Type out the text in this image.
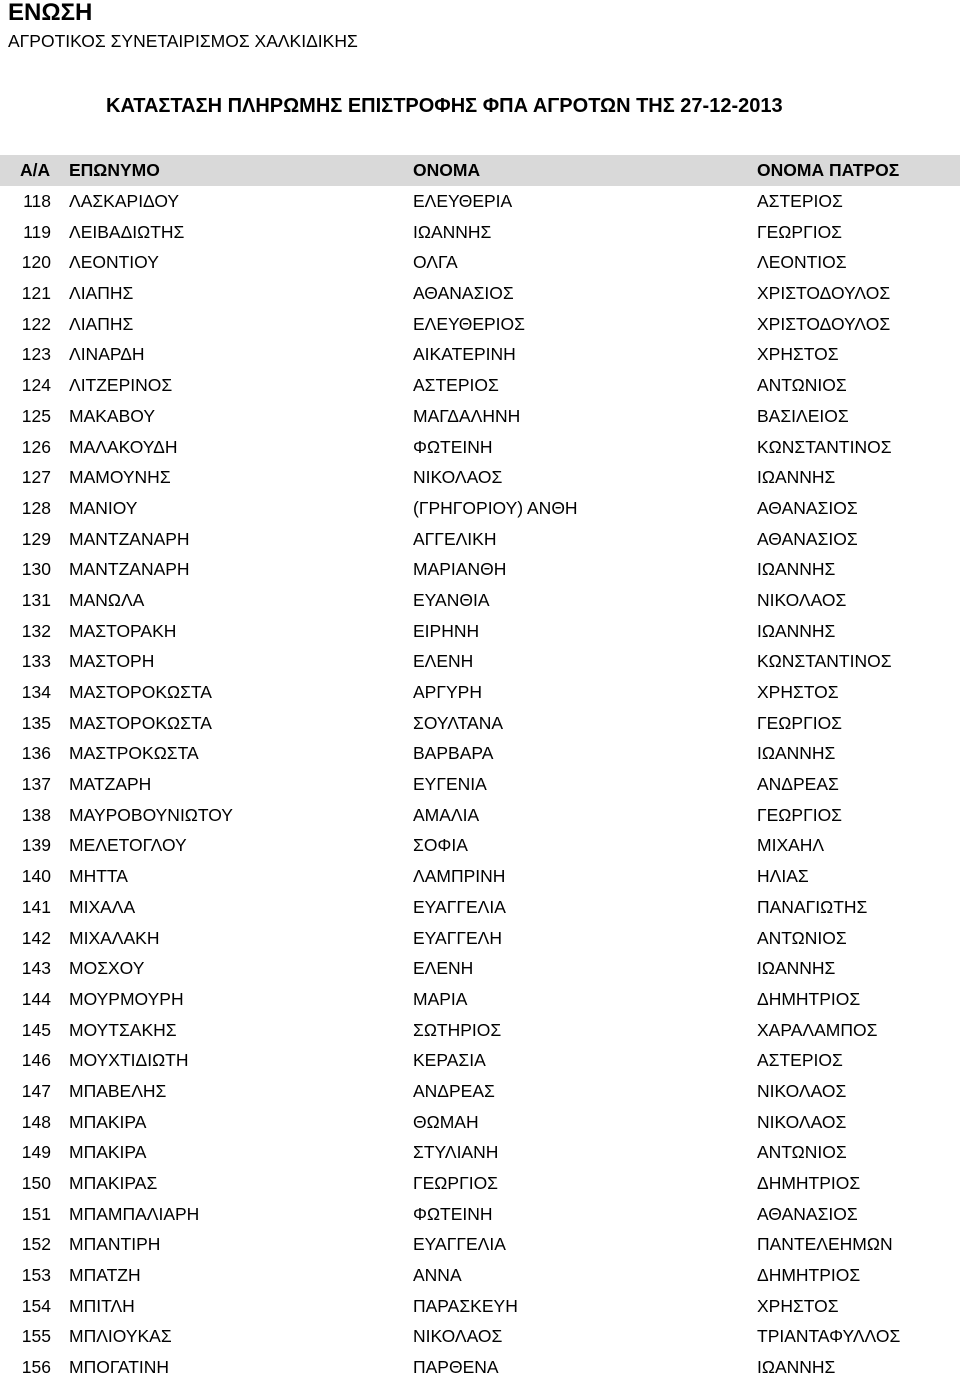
ΕΝΩΣΗ
ΑΓΡΟΤΙΚΟΣ ΣΥΝΕΤΑΙΡΙΣΜΟΣ ΧΑΛΚΙΔΙΚΗΣ
ΚΑΤΑΣΤΑΣΗ ΠΛΗΡΩΜΗΣ ΕΠΙΣΤΡΟΦΗΣ ΦΠΑ ΑΓΡΟΤΩΝ ΤΗΣ 27-12-2013
Α/Α ΕΠΩΝΥΜΟ	ΟΝΟΜΑ	ΟΝΟΜΑ ΠΑΤΡΟΣ
118 ΛΑΣΚΑΡΙΔΟΥ	ΕΛΕΥΘΕΡΙΑ	ΑΣΤΕΡΙΟΣ
119 ΛΕΙΒΑΔΙΩΤΗΣ	ΙΩΑΝΝΗΣ	ΓΕΩΡΓΙΟΣ
120 ΛΕΟΝΤΙΟΥ	ΟΛΓΑ	ΛΕΟΝΤΙΟΣ
121 ΛΙΑΠΗΣ	ΑΘΑΝΑΣΙΟΣ	ΧΡΙΣΤΟΔΟΥΛΟΣ
122 ΛΙΑΠΗΣ	ΕΛΕΥΘΕΡΙΟΣ	ΧΡΙΣΤΟΔΟΥΛΟΣ
123 ΛΙΝΑΡΔΗ	ΑΙΚΑΤΕΡΙΝΗ	ΧΡΗΣΤΟΣ
124 ΛΙΤΖΕΡΙΝΟΣ	ΑΣΤΕΡΙΟΣ	ΑΝΤΩΝΙΟΣ
125 ΜΑΚΑΒΟΥ	ΜΑΓΔΑΛΗΝΗ	ΒΑΣΙΛΕΙΟΣ
126 ΜΑΛΑΚΟΥΔΗ	ΦΩΤΕΙΝΗ	ΚΩΝΣΤΑΝΤΙΝΟΣ
127 ΜΑΜΟΥΝΗΣ	ΝΙΚΟΛΑΟΣ	ΙΩΑΝΝΗΣ
128 ΜΑΝΙΟΥ	(ΓΡΗΓΟΡΙΟΥ) ΑΝΘΗ	ΑΘΑΝΑΣΙΟΣ
129 ΜΑΝΤΖΑΝΑΡΗ	ΑΓΓΕΛΙΚΗ	ΑΘΑΝΑΣΙΟΣ
130 ΜΑΝΤΖΑΝΑΡΗ	ΜΑΡΙΑΝΘΗ	ΙΩΑΝΝΗΣ
131 ΜΑΝΩΛΑ	ΕΥΑΝΘΙΑ	ΝΙΚΟΛΑΟΣ
132 ΜΑΣΤΟΡΑΚΗ	ΕΙΡΗΝΗ	ΙΩΑΝΝΗΣ
133 ΜΑΣΤΟΡΗ	ΕΛΕΝΗ	ΚΩΝΣΤΑΝΤΙΝΟΣ
134 ΜΑΣΤΟΡΟΚΩΣΤΑ	ΑΡΓΥΡΗ	ΧΡΗΣΤΟΣ
135 ΜΑΣΤΟΡΟΚΩΣΤΑ	ΣΟΥΛΤΑΝΑ	ΓΕΩΡΓΙΟΣ
136 ΜΑΣΤΡΟΚΩΣΤΑ	ΒΑΡΒΑΡΑ	ΙΩΑΝΝΗΣ
137 ΜΑΤΖΑΡΗ	ΕΥΓΕΝΙΑ	ΑΝΔΡΕΑΣ
138 ΜΑΥΡΟΒΟΥΝΙΩΤΟΥ	ΑΜΑΛΙΑ	ΓΕΩΡΓΙΟΣ
139 ΜΕΛΕΤΟΓΛΟΥ	ΣΟΦΙΑ	ΜΙΧΑΗΛ
140 ΜΗΤΤΑ	ΛΑΜΠΡΙΝΗ	ΗΛΙΑΣ
141 ΜΙΧΑΛΑ	ΕΥΑΓΓΕΛΙΑ	ΠΑΝΑΓΙΩΤΗΣ
142 ΜΙΧΑΛΑΚΗ	ΕΥΑΓΓΕΛΗ	ΑΝΤΩΝΙΟΣ
143 ΜΟΣΧΟΥ	ΕΛΕΝΗ	ΙΩΑΝΝΗΣ
144 ΜΟΥΡΜΟΥΡΗ	ΜΑΡΙΑ	ΔΗΜΗΤΡΙΟΣ
145 ΜΟΥΤΣΑΚΗΣ	ΣΩΤΗΡΙΟΣ	ΧΑΡΑΛΑΜΠΟΣ
146 ΜΟΥΧΤΙΔΙΩΤΗ	ΚΕΡΑΣΙΑ	ΑΣΤΕΡΙΟΣ
147 ΜΠΑΒΕΛΗΣ	ΑΝΔΡΕΑΣ	ΝΙΚΟΛΑΟΣ
148 ΜΠΑΚΙΡΑ	ΘΩΜΑΗ	ΝΙΚΟΛΑΟΣ
149 ΜΠΑΚΙΡΑ	ΣΤΥΛΙΑΝΗ	ΑΝΤΩΝΙΟΣ
150 ΜΠΑΚΙΡΑΣ	ΓΕΩΡΓΙΟΣ	ΔΗΜΗΤΡΙΟΣ
151 ΜΠΑΜΠΑΛΙΑΡΗ	ΦΩΤΕΙΝΗ	ΑΘΑΝΑΣΙΟΣ
152 ΜΠΑΝΤΙΡΗ	ΕΥΑΓΓΕΛΙΑ	ΠΑΝΤΕΛΕΗΜΩΝ
153 ΜΠΑΤΖΗ	ΑΝΝΑ	ΔΗΜΗΤΡΙΟΣ
154 ΜΠΙΤΛΗ	ΠΑΡΑΣΚΕΥΗ	ΧΡΗΣΤΟΣ
155 ΜΠΛΙΟΥΚΑΣ	ΝΙΚΟΛΑΟΣ	ΤΡΙΑΝΤΑΦΥΛΛΟΣ
156 ΜΠΟΓΑΤΙΝΗ	ΠΑΡΘΕΝΑ	ΙΩΑΝΝΗΣ
